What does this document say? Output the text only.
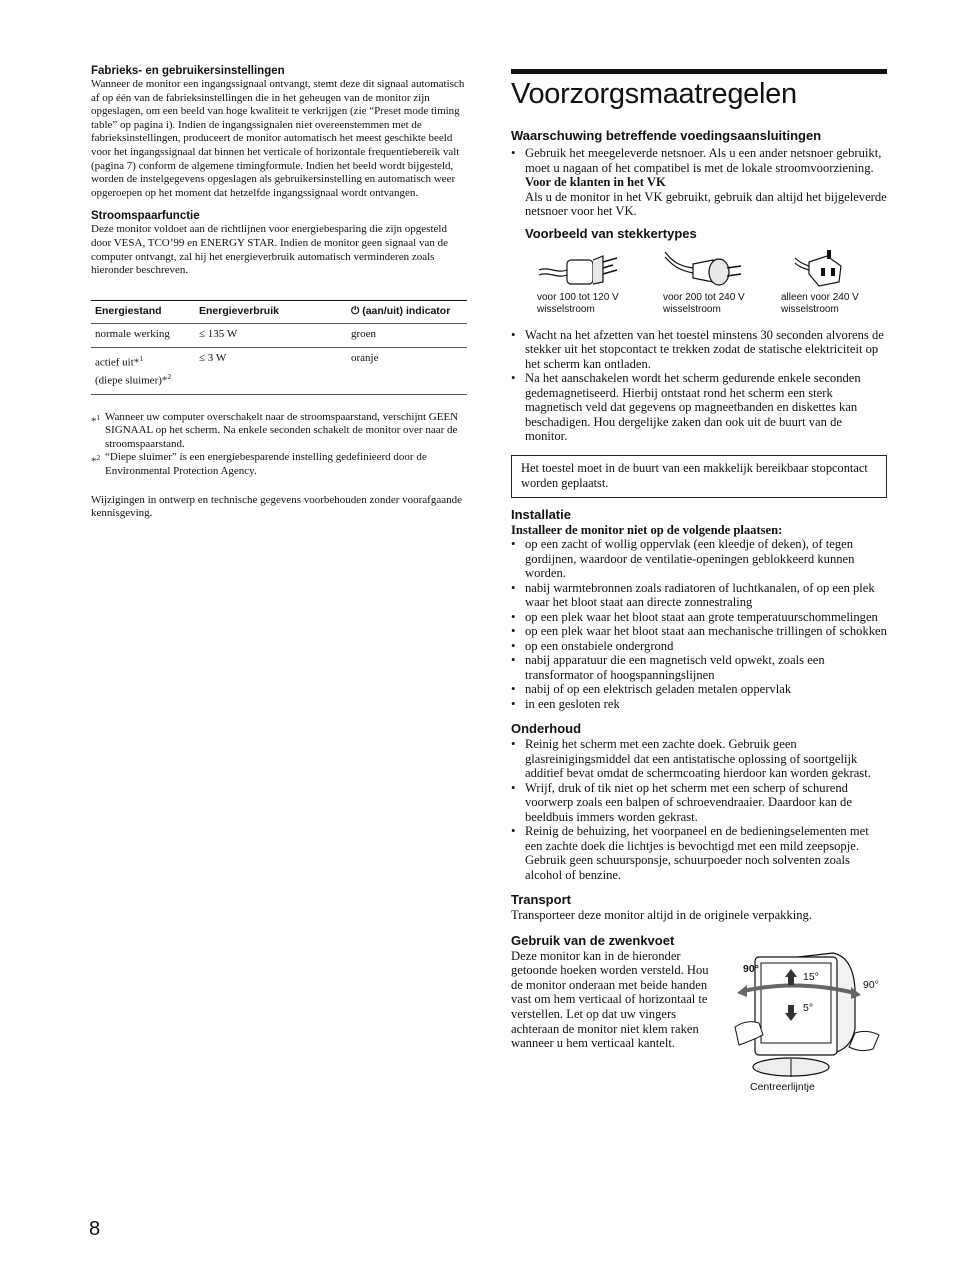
Fabrieks- en gebruikersinstellingen

Wanneer de monitor een ingangssignaal ontvangt, stemt deze dit signaal automatisch af op één van de fabrieksinstellingen die in het geheugen van de monitor zijn opgeslagen, om een beeld van hoge kwaliteit te verkrijgen (zie “Preset mode timing table” op pagina i). Indien de ingangssignalen niet overeenstemmen met de fabrieksinstellingen, produceert de monitor automatisch het meest geschikte beeld voor het ingangssignaal dat binnen het verticale of horizontale frequentiebereik valt (pagina 7) conform de algemene timingformule. Indien het beeld wordt bijgesteld, worden de instelgegevens opgeslagen als gebruikersinstelling en automatisch weer opgeroepen op het moment dat hetzelfde ingangssignaal wordt ontvangen.

Stroomspaarfunctie

Deze monitor voldoet aan de richtlijnen voor energiebesparing die zijn opgesteld door VESA, TCO’99 en ENERGY STAR. Indien de monitor geen signaal van de computer ontvangt, zal hij het energieverbruik automatisch verminderen zoals hieronder beschreven.

Energiestand	Energieverbruik	⏻ (aan/uit) indicator
normale werking	≤ 135 W	groen
actief uit*$^1$
(diepe sluimer)*$^2$	≤ 3 W	oranje
*$^1$ Wanneer uw computer overschakelt naar de stroomspaarstand, verschijnt GEEN SIGNAAL op het scherm. Na enkele seconden schakelt de monitor over naar de stroomspaarstand.
*$^2$ “Diepe sluimer” is een energiebesparende instelling gedefinieerd door de Environmental Protection Agency.

Wijzigingen in ontwerp en technische gegevens voorbehouden zonder voorafgaande kennisgeving.

Voorzorgsmaatregelen
Waarschuwing betreffende voedingsaansluitingen
• Gebruik het meegeleverde netsnoer. Als u een ander netsnoer gebruikt, moet u nagaan of het compatibel is met de lokale stroomvoorziening.
Voor de klanten in het VK
Als u de monitor in het VK gebruikt, gebruik dan altijd het bijgeleverde netsnoer voor het VK.
Voorbeeld van stekkertypes
voor 100 tot 120 V
wisselstroom
voor 200 tot 240 V
wisselstroom
alleen voor 240 V
wisselstroom
• Wacht na het afzetten van het toestel minstens 30 seconden alvorens de stekker uit het stopcontact te trekken zodat de statische elektriciteit op het scherm kan ontladen.
• Na het aanschakelen wordt het scherm gedurende enkele seconden gedemagnetiseerd. Hierbij ontstaat rond het scherm een sterk magnetisch veld dat gegevens op magneetbanden en diskettes kan beschadigen. Hou dergelijke zaken dan ook uit de buurt van de monitor.
Het toestel moet in de buurt van een makkelijk bereikbaar stopcontact worden geplaatst.
Installatie
Installeer de monitor niet op de volgende plaatsen:
• op een zacht of wollig oppervlak (een kleedje of deken), of tegen gordijnen, waardoor de ventilatie-openingen geblokkeerd kunnen worden.
• nabij warmtebronnen zoals radiatoren of luchtkanalen, of op een plek waar het bloot staat aan directe zonnestraling
• op een plek waar het bloot staat aan grote temperatuurschommelingen
• op een plek waar het bloot staat aan mechanische trillingen of schokken
• op een onstabiele ondergrond
• nabij apparatuur die een magnetisch veld opwekt, zoals een transformator of hoogspanningslijnen
• nabij of op een elektrisch geladen metalen oppervlak
• in een gesloten rek
Onderhoud
• Reinig het scherm met een zachte doek. Gebruik geen glasreinigingsmiddel dat een antistatische oplossing of soortgelijk additief bevat omdat de schermcoating hierdoor kan worden gekrast.
• Wrijf, druk of tik niet op het scherm met een scherp of schurend voorwerp zoals een balpen of schroevendraaier. Daardoor kan de beeldbuis immers worden gekrast.
• Reinig de behuizing, het voorpaneel en de bedieningselementen met een zachte doek die lichtjes is bevochtigd met een mild zeepsopje. Gebruik geen schuursponsje, schuurpoeder noch solventen zoals alcohol of benzine.
Transport

Transporteer deze monitor altijd in de originele verpakking.

Gebruik van de zwenkvoet

Deze monitor kan in de hieronder getoonde hoeken worden versteld. Hou de monitor onderaan met beide handen vast om hem verticaal of horizontaal te verstellen. Let op dat uw vingers achteraan de monitor niet klem raken wanneer u hem verticaal kantelt.

90°
90°
15°
5°
Centreerlijntje
8
